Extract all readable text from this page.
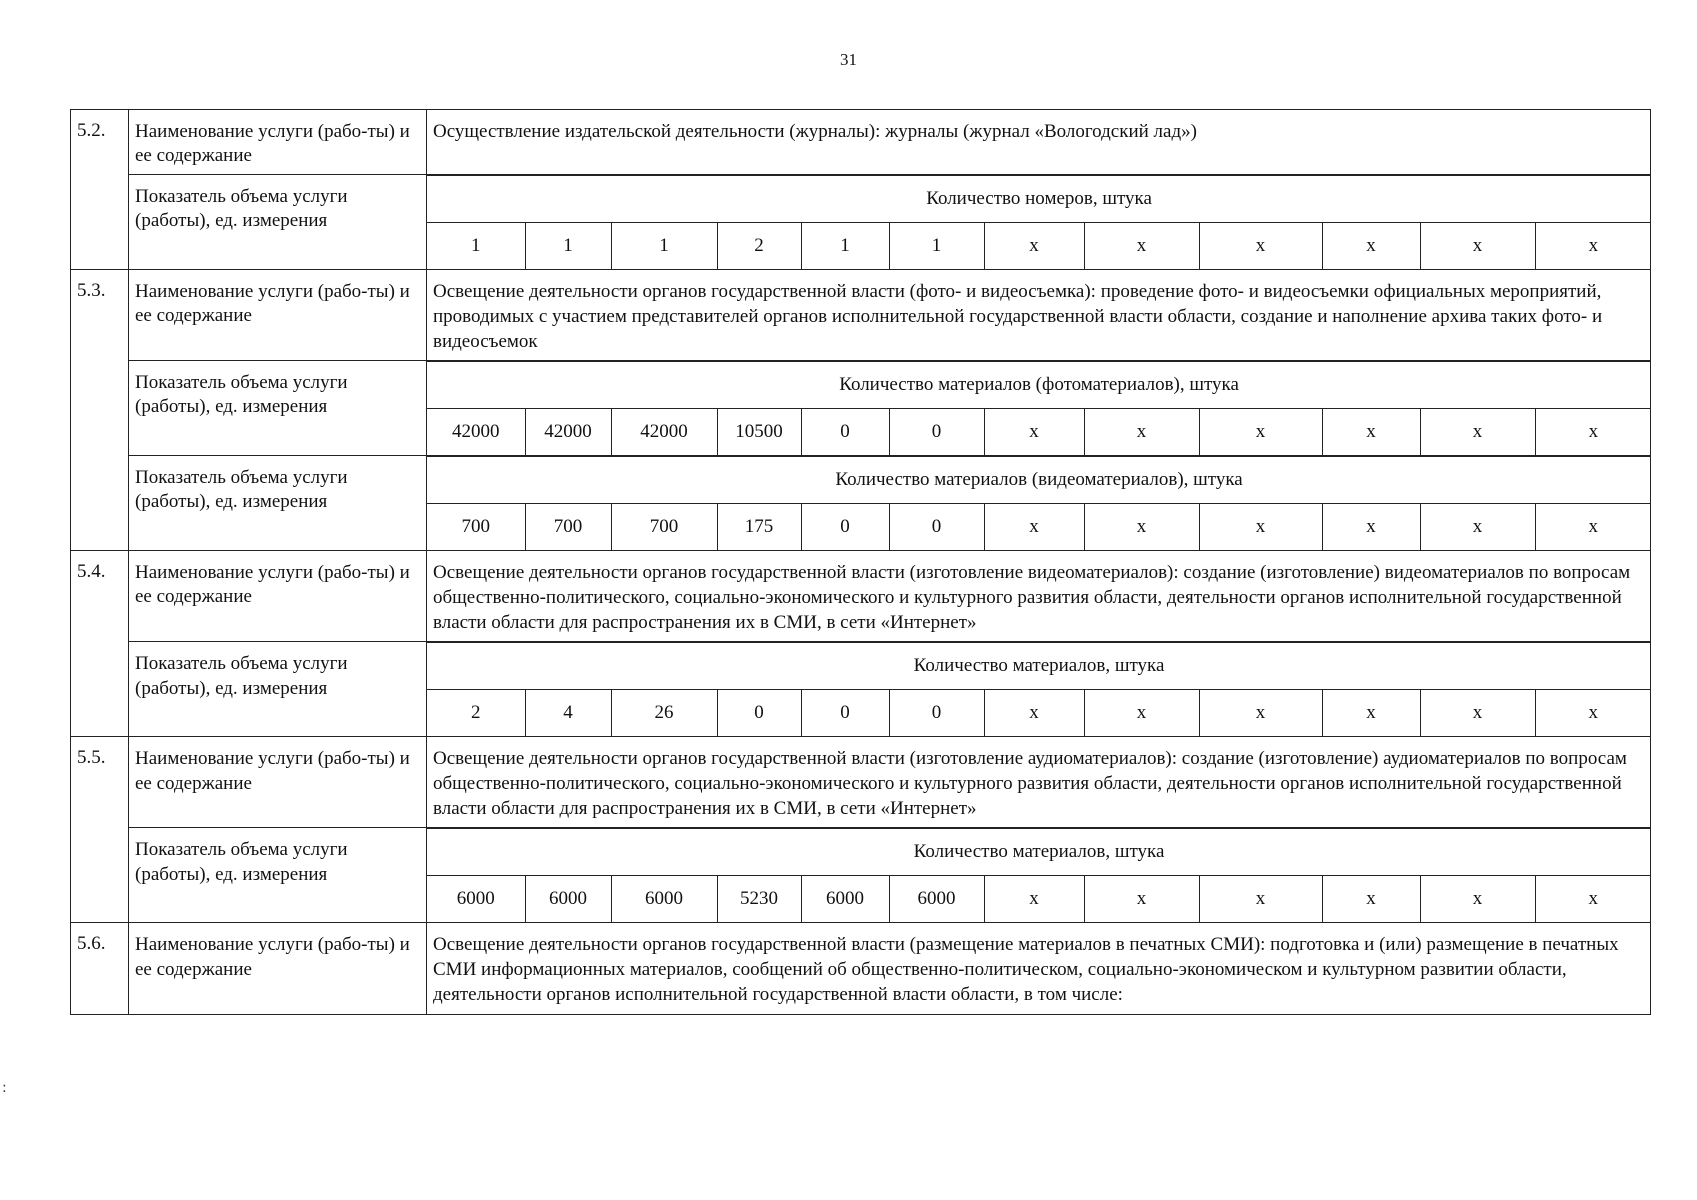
31
5.2.	Наименование услуги (рабо-ты) и ее содержание	Осуществление издательской деятельности (журналы): журналы (журнал «Вологодский лад»)
Показатель объема услуги (работы), ед. измерения	
Количество номеров, штука
1	1	1	2	1	1	x	x	x	x	x	x

5.3.	Наименование услуги (рабо-ты) и ее содержание	Освещение деятельности органов государственной власти (фото- и видеосъемка): проведение фото- и видеосъемки официальных мероприятий, проводимых с участием представителей органов исполнительной государственной власти области, создание и наполнение архива таких фото- и видеосъемок
Показатель объема услуги (работы), ед. измерения	
Количество материалов (фотоматериалов), штука
42000	42000	42000	10500	0	0	x	x	x	x	x	x

Показатель объема услуги (работы), ед. измерения	
Количество материалов (видеоматериалов), штука
700	700	700	175	0	0	x	x	x	x	x	x

5.4.	Наименование услуги (рабо-ты) и ее содержание	Освещение деятельности органов государственной власти (изготовление видеоматериалов): создание (изготовление) видеоматериалов по вопросам общественно-политического, социально-экономического и культурного развития области, деятельности органов исполнительной государственной власти области для распространения их в СМИ, в сети «Интернет»
Показатель объема услуги (работы), ед. измерения	
Количество материалов, штука
2	4	26	0	0	0	x	x	x	x	x	x

5.5.	Наименование услуги (рабо-ты) и ее содержание	Освещение деятельности органов государственной власти (изготовление аудиоматериалов): создание (изготовление) аудиоматериалов по вопросам общественно-политического, социально-экономического и культурного развития области, деятельности органов исполнительной государственной власти области для распространения их в СМИ, в сети «Интернет»
Показатель объема услуги (работы), ед. измерения	
Количество материалов, штука
6000	6000	6000	5230	6000	6000	x	x	x	x	x	x

5.6.	Наименование услуги (рабо-ты) и ее содержание	Освещение деятельности органов государственной власти (размещение материалов в печатных СМИ): подготовка и (или) размещение в печатных СМИ информационных материалов, сообщений об общественно-политическом, социально-экономическом и культурном развитии области, деятельности органов исполнительной государственной власти области, в том числе:
:
